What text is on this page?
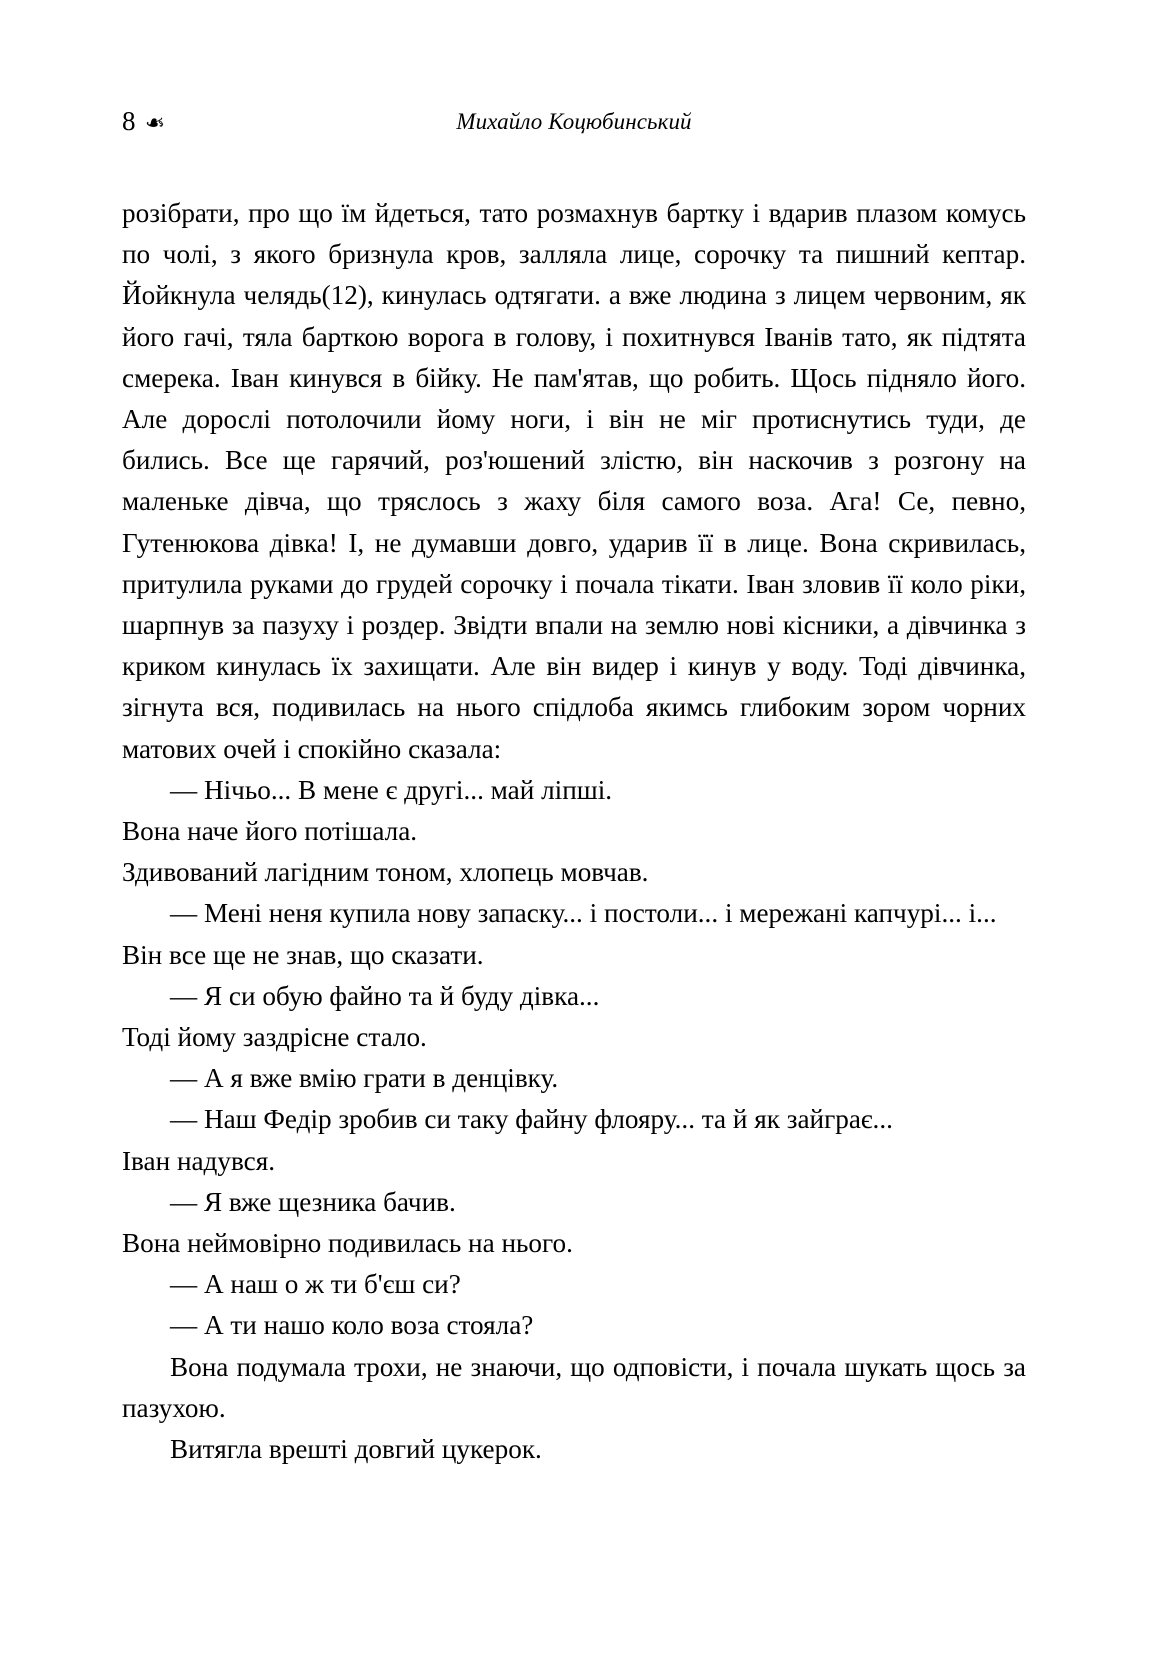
8 ❧	Михайло Коцюбинський

розібрати, про що їм йдеться, тато розмахнув бартку і вдарив плазом комусь по чолі, з якого бризнула кров, залляла лице, сорочку та пишний кептар. Йойкнула челядь(12), кинулась одтягати. а вже людина з лицем червоним, як його гачі, тяла барткою ворога в голову, і похитнувся Іванів тато, як підтята смерека. Іван кинувся в бійку. Не пам'ятав, що робить. Щось підняло його. Але дорослі потолочили йому ноги, і він не міг протиснутись туди, де бились. Все ще гарячий, роз'юшений злістю, він наскочив з розгону на маленьке дівча, що тряслось з жаху біля самого воза. Ага! Се, певно, Гутенюкова дівка! І, не думавши довго, ударив її в лице. Вона скривилась, притулила руками до грудей сорочку і почала тікати. Іван зловив її коло ріки, шарпнув за пазуху і роздер. Звідти впали на землю нові кісники, а дівчинка з криком кинулась їх захищати. Але він видер і кинув у воду. Тоді дівчинка, зігнута вся, подивилась на нього спідлоба якимсь глибоким зором чорних матових очей і спокійно сказала:

— Нічьо... В мене є другі... май ліпші.

Вона наче його потішала.

Здивований лагідним тоном, хлопець мовчав.

— Мені неня купила нову запаску... і постоли... і мережані капчурі... і...

Він все ще не знав, що сказати.

— Я си обую файно та й буду дівка...

Тоді йому заздрісне стало.

— А я вже вмію грати в денцівку.

— Наш Федір зробив си таку файну флояру... та й як зайграє...

Іван надувся.

— Я вже щезника бачив.

Вона неймовірно подивилась на нього.

— А наш о ж ти б'єш си?

— А ти нашо коло воза стояла?

Вона подумала трохи, не знаючи, що одповісти, і почала шукать щось за пазухою.

Витягла врешті довгий цукерок.
